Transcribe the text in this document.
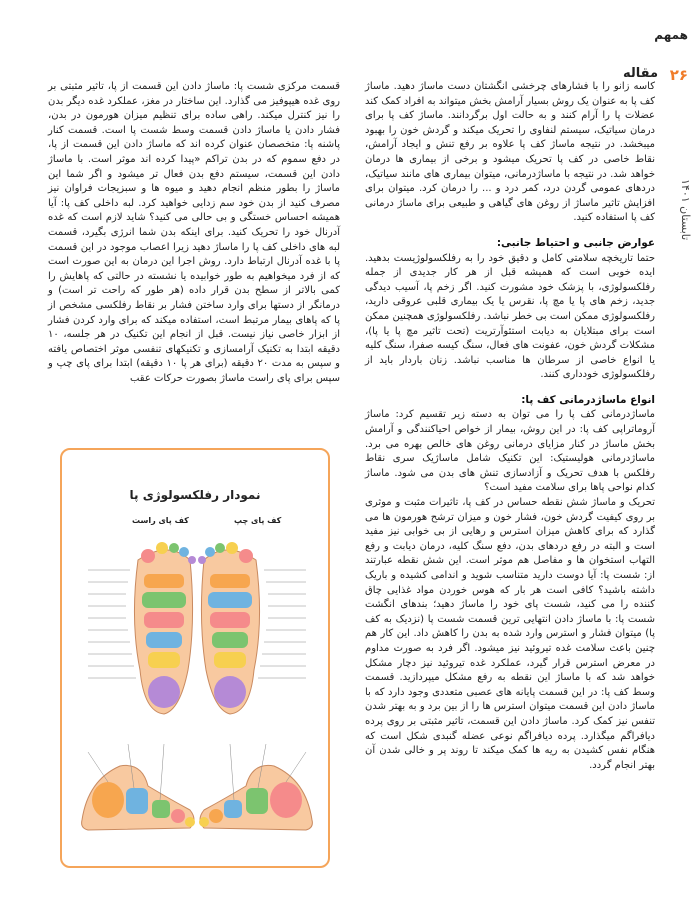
همهم
۲۶
مقاله
تابستان ۱۴۰۱

کاسه زانو را با فشارهای چرخشی انگشتان دست ماساژ دهید. ماساژ کف پا به عنوان یک روش بسیار آرامش بخش میتواند به افراد کمک کند عضلات پا را آرام کنند و به حالت اول برگردانند. ماساژ کف پا برای درمان سیاتیک، سیستم لنفاوی را تحریک میکند و گردش خون را بهبود میبخشد. در نتیجه ماساژ کف پا علاوه بر رفع تنش و ایجاد آرامش، نقاط خاصی در کف پا تحریک میشود و برخی از بیماری ها درمان خواهد شد. در نتیجه با ماساژدرمانی، میتوان بیماری های مانند سیاتیک، دردهای عمومی گردن درد، کمر درد و ... را درمان کرد. میتوان برای افزایش تاثیر ماساژ از روغن های گیاهی و طبیعی برای ماساژ درمانی کف پا استفاده کنید.

عوارض جانبی و احتیاط جانبی:

حتما تاریخچه سلامتی کامل و دقیق خود را به رفلکسولوژیست بدهید. ایده خوبی است که همیشه قبل از هر کار جدیدی از جمله رفلکسولوژی، با پزشک خود مشورت کنید. اگر زخم پا، آسیب دیدگی جدید، زخم های پا یا مچ پا، نقرس یا یک بیماری قلبی عروقی دارید، رفلکسولوژی ممکن است بی خطر نباشد. رفلکسولوژی همچنین ممکن است برای مبتلایان به دیابت استئوآرتریت (تحت تاثیر مچ پا یا پا)، مشکلات گردش خون، عفونت های فعال، سنگ کیسه صفرا، سنگ کلیه یا انواع خاصی از سرطان ها مناسب نباشد. زنان باردار باید از رفلکسولوژی خودداری کنند.

انواع ماساژدرمانی کف پا:

ماساژدرمانی کف پا را می توان به دسته زیر تقسیم کرد: ماساژ آروماتراپی کف پا: در این روش، بیمار از خواص احیاکنندگی و آرامش بخش ماساژ در کنار مزایای درمانی روغن های خالص بهره می برد. ماساژدرمانی هولیستیک: این تکنیک شامل ماساژیک سری نقاط رفلکس با هدف تحریک و آزادسازی تنش های بدن می شود. ماساژ کدام نواحی پاها برای سلامت مفید است؟

تحریک و ماساژ شش نقطه حساس در کف پا، تاثیرات مثبت و موثری بر روی کیفیت گردش خون، فشار خون و میزان ترشح هورمون ها می گذارد که برای کاهش میزان استرس و رهایی از بی خوابی نیز مفید است و البته در رفع دردهای بدن، دفع سنگ کلیه، درمان دیابت و رفع التهاب استخوان ها و مفاصل هم موثر است. این شش نقطه عبارتند از: شست پا: آیا دوست دارید متناسب شوید و اندامی کشیده و باریک داشته باشید؟ کافی است هر بار که هوس خوردن مواد غذایی چاق کننده را می کنید، شست پای خود را ماساژ دهید؛ بندهای انگشت شست پا: با ماساژ دادن انتهایی ترین قسمت شست پا (نزدیک به کف پا) میتوان فشار و استرس وارد شده به بدن را کاهش داد. این کار هم چنین باعث سلامت غده تیروئید نیز میشود. اگر فرد به صورت مداوم در معرض استرس قرار گیرد، عملکرد غده تیروئید نیز دچار مشکل خواهد شد که با ماساژ این نقطه به رفع مشکل میپردازید. قسمت وسط کف پا: در این قسمت پایانه های عصبی متعددی وجود دارد که با ماساژ دادن این قسمت میتوان استرس ها را از بین برد و به بهتر شدن تنفس نیز کمک کرد. ماساژ دادن این قسمت، تاثیر مثبتی بر روی پرده دیافراگم میگذارد. پرده دیافراگم نوعی عضله گنبدی شکل است که هنگام نفس کشیدن به ریه ها کمک میکند تا روند پر و خالی شدن آن بهتر انجام گردد.

قسمت مرکزی شست پا: ماساژ دادن این قسمت از پا، تاثیر مثبتی بر روی غده هیپوفیز می گذارد. این ساختار در مغز، عملکرد غده دیگر بدن را نیز کنترل میکند. راهی ساده برای تنظیم میزان هورمون در بدن، فشار دادن یا ماساژ دادن قسمت وسط شست پا است. قسمت کنار پاشنه پا: متخصصان عنوان کرده اند که ماساژ دادن این قسمت از پا، در دفع سموم که در بدن تراکم «پیدا کرده اند موثر است. با ماساژ دادن این قسمت، سیستم دفع بدن فعال تر میشود و اگر شما این ماساژ را بطور منظم انجام دهید و میوه ها و سبزیجات فراوان نیز مصرف کنید از بدن خود سم زدایی خواهید کرد. لبه داخلی کف پا: آیا همیشه احساس خستگی و بی حالی می کنید؟ شاید لازم است که غده آدرنال خود را تحریک کنید. برای اینکه بدن شما انرژی بگیرد، قسمت لبه های داخلی کف پا را ماساژ دهید زیرا اعصاب موجود در این قسمت پا با غده آدرنال ارتباط دارد. روش اجرا این درمان به این صورت است که از فرد میخواهیم به طور خوابیده یا نشسته در حالتی که پاهایش را کمی بالاتر از سطح بدن قرار داده (هر طور که راحت تر است) و درمانگر از دستها برای وارد ساختن فشار بر نقاط رفلکسی مشخص از پا که پاهای بیمار مرتبط است، استفاده میکند که برای وارد کردن فشار از ابزار خاصی نیاز نیست. قبل از انجام این تکنیک در هر جلسه، ۱۰ دقیقه ابتدا به تکنیک آرامسازی و تکنیکهای تنفسی موثر اختصاص یافته و سپس به مدت ۲۰ دقیقه (برای هر پا ۱۰ دقیقه) ابتدا برای پای چپ و سپس برای پای راست ماساژ بصورت حرکات عقب

نمودار رفلکسولوژی پا
کف پای راست	کف پای چپ
